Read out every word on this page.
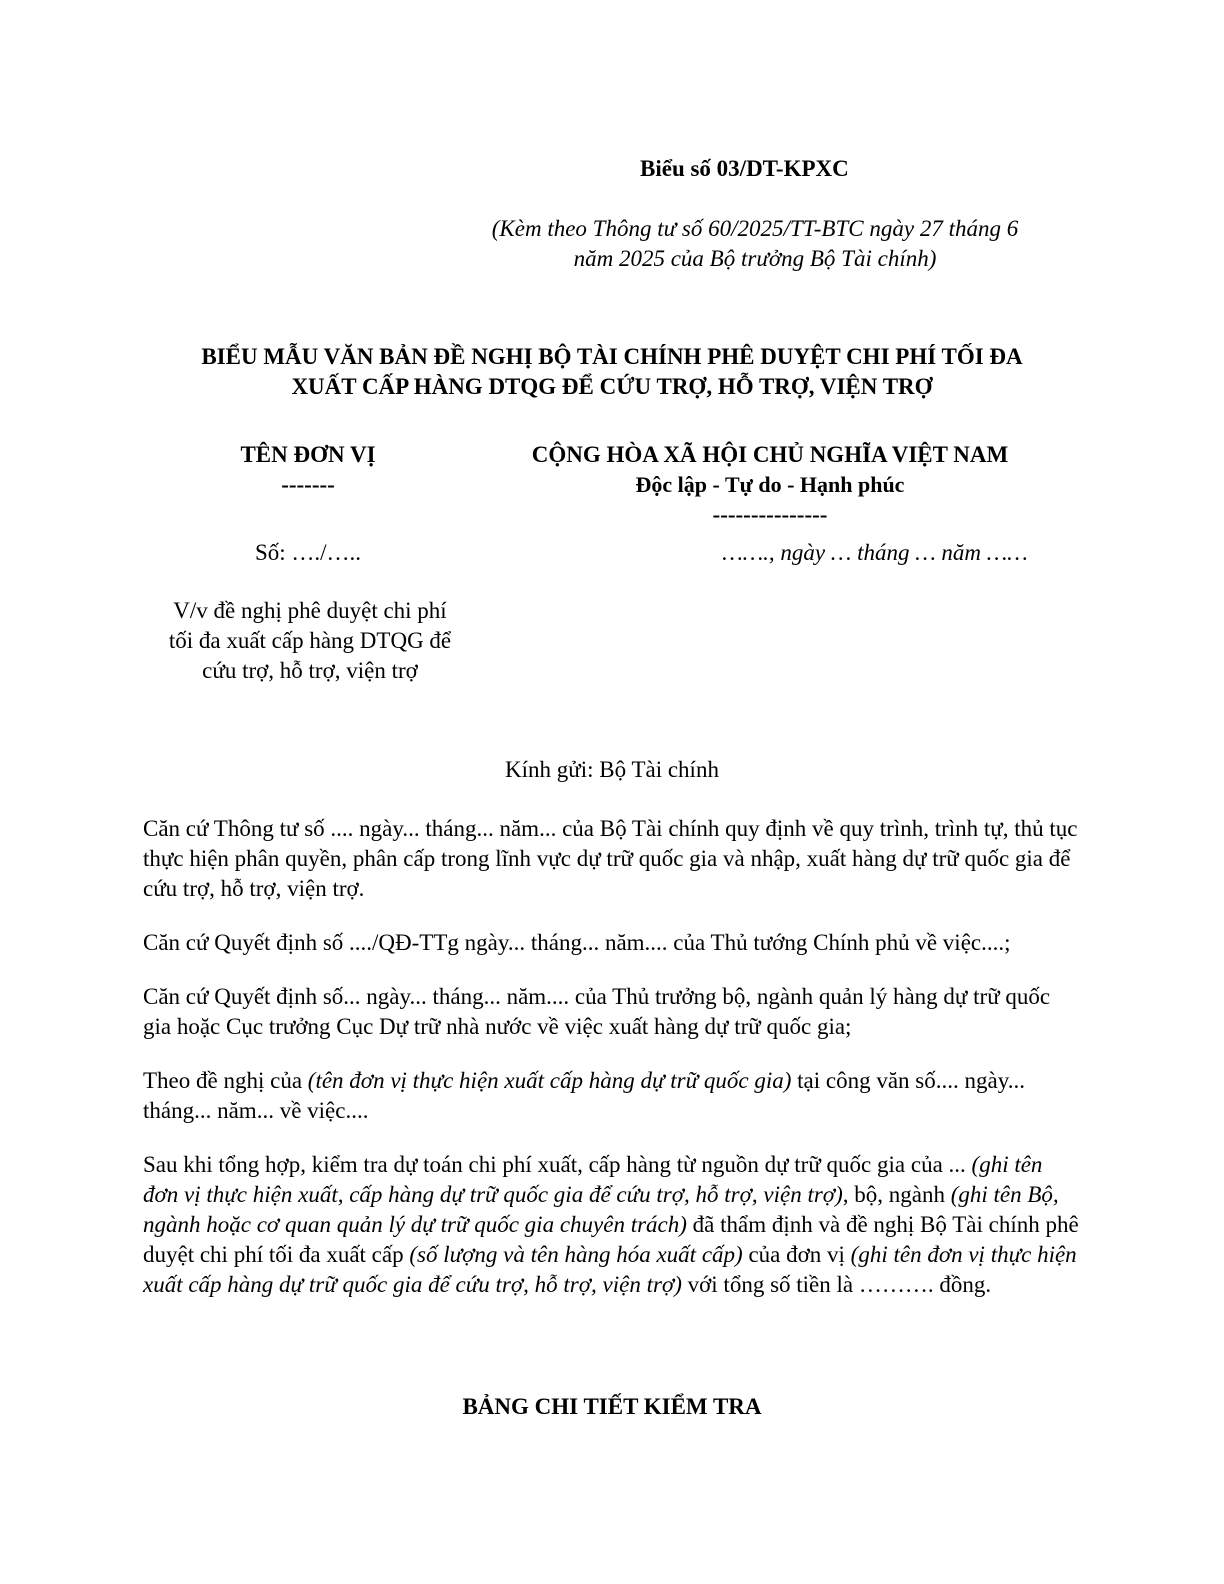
Biểu số 03/DT-KPXC
(Kèm theo Thông tư số 60/2025/TT-BTC ngày 27 tháng 6
năm 2025 của Bộ trưởng Bộ Tài chính)
BIỂU MẪU VĂN BẢN ĐỀ NGHỊ BỘ TÀI CHÍNH PHÊ DUYỆT CHI PHÍ TỐI ĐA
XUẤT CẤP HÀNG DTQG ĐỂ CỨU TRỢ, HỖ TRỢ, VIỆN TRỢ
TÊN ĐƠN VỊ
-------
CỘNG HÒA XÃ HỘI CHỦ NGHĨA VIỆT NAM
Độc lập - Tự do - Hạnh phúc
---------------
Số: …./…..	……., ngày … tháng … năm ……
V/v đề nghị phê duyệt chi phí
tối đa xuất cấp hàng DTQG để
cứu trợ, hỗ trợ, viện trợ
Kính gửi: Bộ Tài chính

Căn cứ Thông tư số .... ngày... tháng... năm... của Bộ Tài chính quy định về quy trình, trình tự, thủ tục thực hiện phân quyền, phân cấp trong lĩnh vực dự trữ quốc gia và nhập, xuất hàng dự trữ quốc gia để cứu trợ, hỗ trợ, viện trợ.

Căn cứ Quyết định số ..../QĐ-TTg ngày... tháng... năm.... của Thủ tướng Chính phủ về việc....;

Căn cứ Quyết định số... ngày... tháng... năm.... của Thủ trưởng bộ, ngành quản lý hàng dự trữ quốc gia hoặc Cục trưởng Cục Dự trữ nhà nước về việc xuất hàng dự trữ quốc gia;

Theo đề nghị của (tên đơn vị thực hiện xuất cấp hàng dự trữ quốc gia) tại công văn số.... ngày... tháng... năm... về việc....

Sau khi tổng hợp, kiểm tra dự toán chi phí xuất, cấp hàng từ nguồn dự trữ quốc gia của ... (ghi tên đơn vị thực hiện xuất, cấp hàng dự trữ quốc gia để cứu trợ, hỗ trợ, viện trợ), bộ, ngành (ghi tên Bộ, ngành hoặc cơ quan quản lý dự trữ quốc gia chuyên trách) đã thẩm định và đề nghị Bộ Tài chính phê duyệt chi phí tối đa xuất cấp (số lượng và tên hàng hóa xuất cấp) của đơn vị (ghi tên đơn vị thực hiện xuất cấp hàng dự trữ quốc gia để cứu trợ, hỗ trợ, viện trợ) với tổng số tiền là ………. đồng.

BẢNG CHI TIẾT KIỂM TRA
